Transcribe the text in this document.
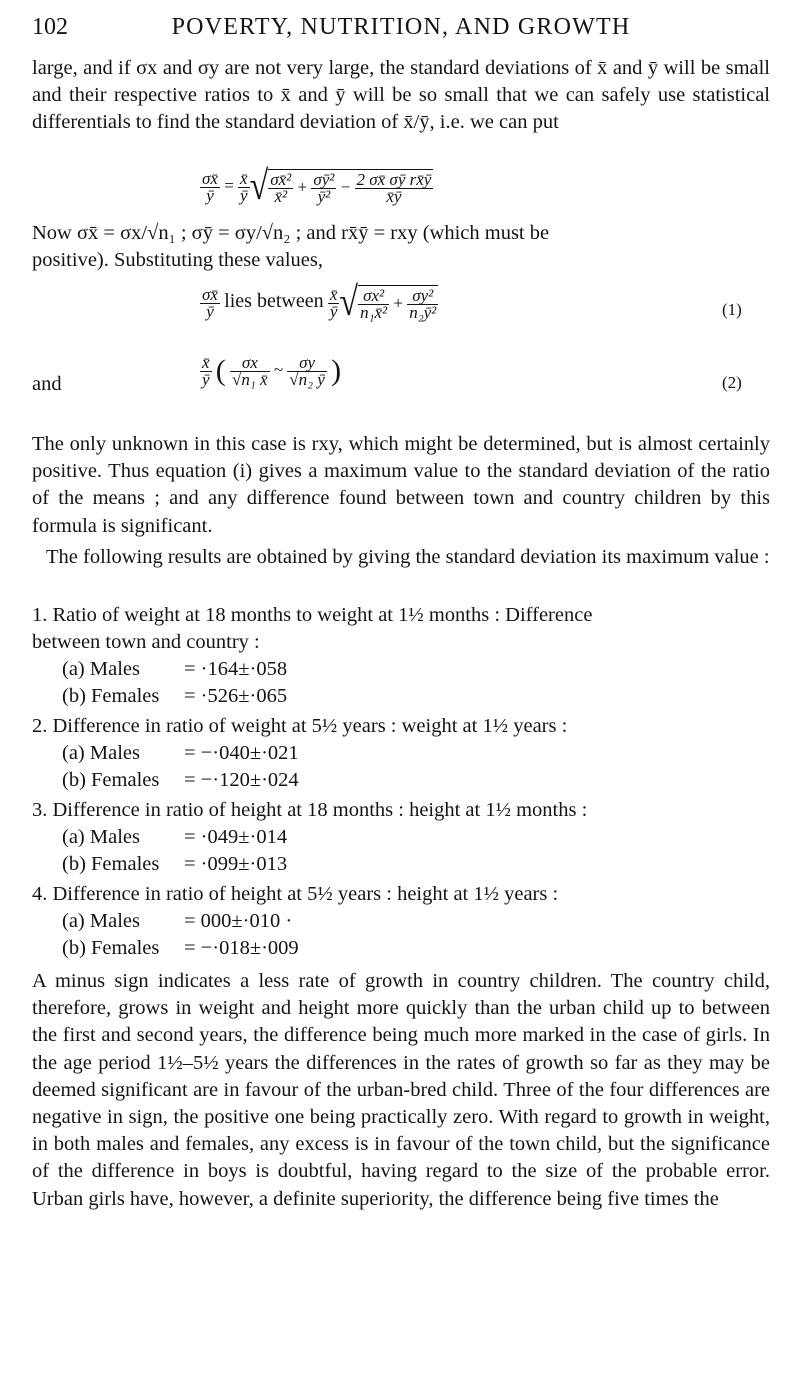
102	POVERTY, NUTRITION, AND GROWTH

large, and if σx and σy are not very large, the standard deviations of x̄ and ȳ will be small and their respective ratios to x̄ and ȳ will be so small that we can safely use statistical differentials to find the standard deviation of x̄/ȳ, i.e. we can put

$\frac{\sigma x̄}{ȳ} = \frac{x̄}{ȳ}$ √ $\frac{\text{σx̄²}}{\text{x̄²}} + \frac{\text{σȳ²}}{\text{ȳ²}} - \frac{\text{2 σx̄ σȳ rx̄ȳ}}{x̄ȳ}$
Now σx̄ = σx/√n₁ ; σȳ = σy/√n₂ ; and rx̄ȳ = rxy (which must be
positive). Substituting these values,
$\frac{\sigma x̄}{ȳ}$ lies between $\frac{x̄}{ȳ}$ √ $\frac{\text{σx²}}{\text{n₁x̄²}} + \frac{\text{σy²}}{\text{n₂ȳ²}}$	(1)
and	$\frac{x̄}{ȳ}$ ( $\frac{\sigma x}{\text{√n₁ x̄}}$ ~ $\frac{\sigma y}{\text{√n₂ ȳ}}$ )	(2)

The only unknown in this case is rxy, which might be determined, but is almost certainly positive. Thus equation (i) gives a maximum value to the standard deviation of the ratio of the means ; and any difference found between town and country children by this formula is significant.

The following results are obtained by giving the standard deviation its maximum value :

1. Ratio of weight at 18 months to weight at 1½ months : Difference
between town and country :
(a) Males = ·164±·058
(b) Females = ·526±·065
2. Difference in ratio of weight at 5½ years : weight at 1½ years :
(a) Males = −·040±·021
(b) Females = −·120±·024
3. Difference in ratio of height at 18 months : height at 1½ months :
(a) Males = ·049±·014
(b) Females = ·099±·013
4. Difference in ratio of height at 5½ years : height at 1½ years :
(a) Males = 000±·010 ·
(b) Females = −·018±·009

A minus sign indicates a less rate of growth in country children. The country child, therefore, grows in weight and height more quickly than the urban child up to between the first and second years, the difference being much more marked in the case of girls. In the age period 1½–5½ years the differences in the rates of growth so far as they may be deemed significant are in favour of the urban-bred child. Three of the four differences are negative in sign, the positive one being practically zero. With regard to growth in weight, in both males and females, any excess is in favour of the town child, but the significance of the difference in boys is doubtful, having regard to the size of the probable error. Urban girls have, however, a definite superiority, the difference being five times the
